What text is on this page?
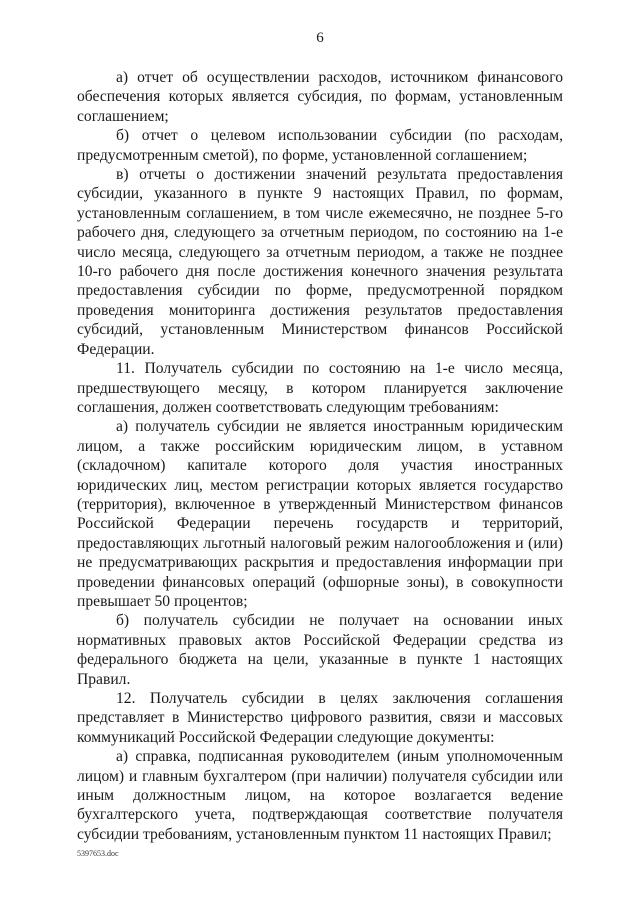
6

а) отчет об осуществлении расходов, источником финансового обеспечения которых является субсидия, по формам, установленным соглашением;

б) отчет о целевом использовании субсидии (по расходам, предусмотренным сметой), по форме, установленной соглашением;

в) отчеты о достижении значений результата предоставления субсидии, указанного в пункте 9 настоящих Правил, по формам, установленным соглашением, в том числе ежемесячно, не позднее 5-го рабочего дня, следующего за отчетным периодом, по состоянию на 1-е число месяца, следующего за отчетным периодом, а также не позднее 10-го рабочего дня после достижения конечного значения результата предоставления субсидии по форме, предусмотренной порядком проведения мониторинга достижения результатов предоставления субсидий, установленным Министерством финансов Российской Федерации.

11. Получатель субсидии по состоянию на 1-е число месяца, предшествующего месяцу, в котором планируется заключение соглашения, должен соответствовать следующим требованиям:

а) получатель субсидии не является иностранным юридическим лицом, а также российским юридическим лицом, в уставном (складочном) капитале которого доля участия иностранных юридических лиц, местом регистрации которых является государство (территория), включенное в утвержденный Министерством финансов Российской Федерации перечень государств и территорий, предоставляющих льготный налоговый режим налогообложения и (или) не предусматривающих раскрытия и предоставления информации при проведении финансовых операций (офшорные зоны), в совокупности превышает 50 процентов;

б) получатель субсидии не получает на основании иных нормативных правовых актов Российской Федерации средства из федерального бюджета на цели, указанные в пункте 1 настоящих Правил.

12. Получатель субсидии в целях заключения соглашения представляет в Министерство цифрового развития, связи и массовых коммуникаций Российской Федерации следующие документы:

а) справка, подписанная руководителем (иным уполномоченным лицом) и главным бухгалтером (при наличии) получателя субсидии или иным должностным лицом, на которое возлагается ведение бухгалтерского учета, подтверждающая соответствие получателя субсидии требованиям, установленным пунктом 11 настоящих Правил;

5397653.doc
